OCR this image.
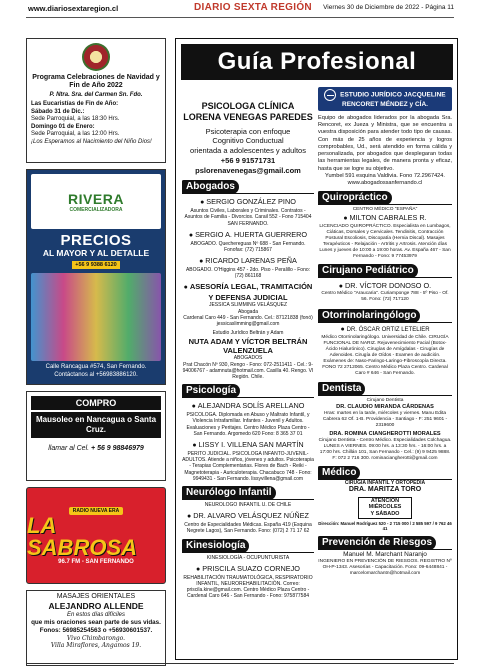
www.diariosextaregion.cl	DIARIO SEXTA REGIÓN Viernes 30 de Diciembre de 2022 - Página 11
Programa Celebraciones de Navidad y Fin de Año 2022
P. Ntra. Sra. del Carmen Sn. Fdo.
Las Eucaristías de Fin de Año:
Sábado 31 de Dic.:
Sede Parroquial, a las 18:30 Hrs.
Domingo 01 de Enero:
Sede Parroquial, a las 12:00 Hrs.
¡Los Esperamos al Nacimiento del Niño Dios!
RIVERA
COMERCIALIZADORA
PRECIOS
AL MAYOR Y AL DETALLE
+56 9 9388 6120
Calle Rancagua #574, San Fernando.
Contáctanos al +56983886120.
COMPRO
Mausoleo en Nancagua o Santa Cruz.
llamar al Cel. + 56 9 98846979
RADIO NUEVA ERA
LA SABROSA
96.7 FM - SAN FERNANDO
MASAJES ORIENTALES
ALEJANDRO ALLENDE
En estos días difíciles
que mis oraciones sean parte de sus vidas.
Fonos: 56985254563 o +56930601537.
Vivo Chimbarongo.
Villa Miraflores, Angamos 19.
Guía Profesional
PSICOLOGA CLÍNICA
LORENA VENEGAS PAREDES

Psicoterapia con enfoque

Cognitivo Conductual

orientada a adolescentes y adultos

+56 9 91571731

pslorenavenegas@gmail.com

Abogados
● SERGIO GONZÁLEZ PINO

Asuntos Civiles, Laborales y Criminales. Contratos - Asuntos de Familia - Divorcios. Carail 552 - Fono 715404 SAN FERNANDO.

● SERGIO A. HUERTA GUERRERO

ABOGADO. Quechereguas Nº 688 - San Fernando. Fonofax: (72) 715867

● RICARDO LARENAS PEÑA

ABOGADO. O'Higgins 457 - 2do. Piso - Peralillo - Fono: (72) 861168

● ASESORÍA LEGAL, TRAMITACIÓN Y DEFENSA JUDICIAL

JESSICA SLIMMING VELÁSQUEZ

Abogada

Cardenal Caro 449 - San Fernando. Cel.: 87121838 (fonó) jessicaslimming@gmail.com

Estudio Jurídico Beltrán y Adam

NUTA ADAM Y VÍCTOR BELTRÁN VALENZUELA

ABOGADOS

Prat Chacón Nº 930, Rengo - Fono: 072-2511411 - Cel.: 9-94006767 - adamnuta@hotmail.com. Casilla 40. Rengo. VI Región. Chile.

Psicología
● ALEJANDRA SOLÍS ARELLANO

PSICOLOGA. Diplomada en Abuso y Maltrato Infantil, y Violencia Intrafamiliar. Infantes - Juvenil y Adultos. Evaluaciones y Peritajes. Centro Médico Plaza Centro - San Fernando. Argomedo 620 Fono: 8 365 37 01

● LISSY I. VILLENA SAN MARTÍN

PERITO JUDICIAL. PSICOLOGA INFANTO-JUVENIL-ADULTOS. Atiende a niños, jóvenes y adultos. Psicoterapia - Terapias Complementarias. Flores de Bach - Reiki - Magnetoterapia - Auriculoterapia. Chacabuco 748 - Fono: 9949431 - San Fernando. lissyvillena@gmail.com

Neurólogo Infantil

NEUROLOGO INFANTIL U. DE CHILE

● DR. ALVARO VELÁSQUEZ NÚÑEZ

Centro de Especialidades Médicas. España 419 (Esquina Negrete Lagos), San Fernando. Fono: (072) 2 71 17 62

Kinesiología

KINESIOLOGÍA - OCUPUNTURISTA

● PRISCILA SUAZO CORNEJO

REHABILITACIÓN TRAUMATOLÓGICA, RESPIRATORIO INFANTIL, NEUROREHABILITACIÓN. Correo: priscila.kine@gmail.com. Centro Médico Plaza Centro - Cardenal Caro 646 - San Fernando - Fono: 975877584

ESTUDIO JURÍDICO JACQUELINE
RENCORET MÉNDEZ y CÍA.

Equipo de abogados liderados por la abogada Sra. Rencoret, ex Jueza y Ministra, que se encuentra a vuestra disposición para atender todo tipo de causas. Con más de 25 años de experiencia y logros comprobables, Ud., será atendido en forma cálida y personalizada, por abogados que desplegaran todas las herramientas legales, de manera pronta y eficaz, hasta que se logre su objetivo.

Yumbel 591 esquina Valdivia. Fono 72.2967424.

www.abogadossanfernando.cl

Quiropráctico

CENTRO MÉDICO "ESPAÑA"

● MILTON CABRALES R.

LICENCIADO QUIROPRÁCTICO. Especialista en Lumbagos, Ciáticas, Dorsales y Cervicales. Tendinitis, Contracción Postural Escoliosis, Discopatía (Hernia Discal). Masajes Terapéuticos - Relajación - Artritis y Artrosis. Atención días Lunes y jueves de 10:00 a 19:00 horas. Av. España 467 - San Fernando - Fono: 9 77453979

Cirujano Pediátrico
● DR. VÍCTOR DONOSO O.

Centro Médico "Araucaria". Curiamponge 788 - 5º Piso - Of. 56. Fono: (72) 717120

Otorrinolaringólogo
● DR. ÓSCAR ORTIZ LETELIER

Médico Otorrinolaringólogo. Universidad de Chile. CIRUGÍA FUNCIONAL DE NARIZ. Rejuvenecimiento Facial (Botox-Ácido Hialurónico). Cirugías de Amígdalas - Cirugías de Adenoides. Cirugía de Oídos - Examen de audición. Exámenes de: Naso-Faringo-Laringo-Fibroscopía Directa. FONO 72 2712065. Centro Médico Plaza Centro. Cardenal Caro # 646 - San Fernando.

Dentista

Cirujano Dentista

DR. CLAUDIO MIRANDA CÁRDENAS

Hras: martes en la tarde, miércoles y viernes. Manu Edita Cabrera 62 Of. 1-B. Providencia - Santiago - F: 251 9601 - 2319600

DRA. ROMINA CIANGHEROTTI MORALES

Cirujano Dentista - Centro Médico. Especialidades Colchagua. LUNES A VIERNES. 09:00 hrs. a 13:30 hrs. - 16:00 hrs. a 17:00 hrs. Chillán 101, San Fernando - Cel.: (9) 9 9425 9888. F: 072 2 716 300. rominaciangherotti@gmail.com

Médico

CIRUGÍA INFANTIL Y ORTOPEDIA

DRA. MARITZA TORO
ATENCIÓN
MIÉRCOLES
Y SÁBADO

Dirección: Manuel Rodríguez 520 - 2 715 000 / 2 585 597 / 9 762 46 41

Prevención de Riesgos
Manuel M. Marchant Naranjo

INGENIERO EN PREVENCIÓN DE RIESGOS. REGISTRO Nº OH-P-1343. Asesorías - Capacitación. Fono: 09-6448841 - marcelomarchantn@hotmail.com
